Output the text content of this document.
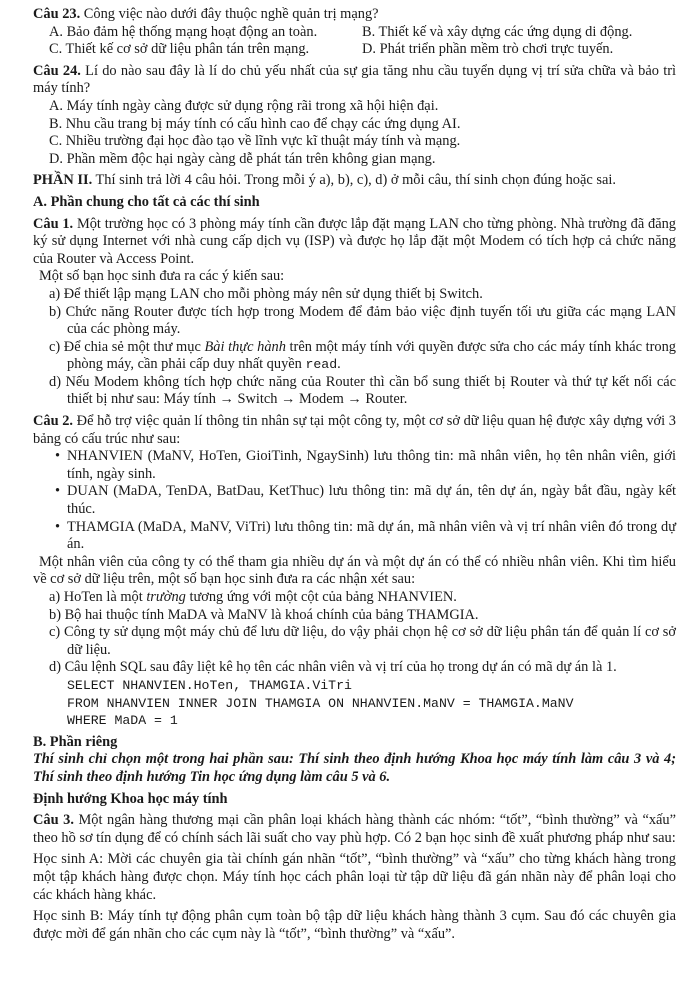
Câu 23. Công việc nào dưới đây thuộc nghề quản trị mạng?

A. Bảo đảm hệ thống mạng hoạt động an toàn.	B. Thiết kế và xây dựng các ứng dụng di động.
C. Thiết kế cơ sở dữ liệu phân tán trên mạng.	D. Phát triển phần mềm trò chơi trực tuyến.

Câu 24. Lí do nào sau đây là lí do chủ yếu nhất của sự gia tăng nhu cầu tuyển dụng vị trí sửa chữa và bảo trì máy tính?

A. Máy tính ngày càng được sử dụng rộng rãi trong xã hội hiện đại.

B. Nhu cầu trang bị máy tính có cấu hình cao để chạy các ứng dụng AI.

C. Nhiều trường đại học đào tạo về lĩnh vực kĩ thuật máy tính và mạng.

D. Phần mềm độc hại ngày càng dễ phát tán trên không gian mạng.

PHẦN II. Thí sinh trả lời 4 câu hỏi. Trong mỗi ý a), b), c), d) ở mỗi câu, thí sinh chọn đúng hoặc sai.

A. Phần chung cho tất cả các thí sinh

Câu 1. Một trường học có 3 phòng máy tính cần được lắp đặt mạng LAN cho từng phòng. Nhà trường đã đăng ký sử dụng Internet với nhà cung cấp dịch vụ (ISP) và được họ lắp đặt một Modem có tích hợp cả chức năng của Router và Access Point.

Một số bạn học sinh đưa ra các ý kiến sau:

a) Để thiết lập mạng LAN cho mỗi phòng máy nên sử dụng thiết bị Switch.

b) Chức năng Router được tích hợp trong Modem để đảm bảo việc định tuyến tối ưu giữa các mạng LAN của các phòng máy.

c) Để chia sẻ một thư mục Bài thực hành trên một máy tính với quyền được sửa cho các máy tính khác trong phòng máy, cần phải cấp duy nhất quyền read.

d) Nếu Modem không tích hợp chức năng của Router thì cần bổ sung thiết bị Router và thứ tự kết nối các thiết bị như sau: Máy tính → Switch → Modem → Router.

Câu 2. Để hỗ trợ việc quản lí thông tin nhân sự tại một công ty, một cơ sở dữ liệu quan hệ được xây dựng với 3 bảng có cấu trúc như sau:

• NHANVIEN (MaNV, HoTen, GioiTinh, NgaySinh) lưu thông tin: mã nhân viên, họ tên nhân viên, giới tính, ngày sinh.

• DUAN (MaDA, TenDA, BatDau, KetThuc) lưu thông tin: mã dự án, tên dự án, ngày bắt đầu, ngày kết thúc.

• THAMGIA (MaDA, MaNV, ViTri) lưu thông tin: mã dự án, mã nhân viên và vị trí nhân viên đó trong dự án.

Một nhân viên của công ty có thể tham gia nhiều dự án và một dự án có thể có nhiều nhân viên. Khi tìm hiểu về cơ sở dữ liệu trên, một số bạn học sinh đưa ra các nhận xét sau:

a) HoTen là một trường tương ứng với một cột của bảng NHANVIEN.

b) Bộ hai thuộc tính MaDA và MaNV là khoá chính của bảng THAMGIA.

c) Công ty sử dụng một máy chủ để lưu dữ liệu, do vậy phải chọn hệ cơ sở dữ liệu phân tán để quản lí cơ sở dữ liệu.

d) Câu lệnh SQL sau đây liệt kê họ tên các nhân viên và vị trí của họ trong dự án có mã dự án là 1.

SELECT NHANVIEN.HoTen, THAMGIA.ViTri
FROM NHANVIEN INNER JOIN THAMGIA ON NHANVIEN.MaNV = THAMGIA.MaNV
WHERE MaDA = 1

B. Phần riêng

Thí sinh chỉ chọn một trong hai phần sau: Thí sinh theo định hướng Khoa học máy tính làm câu 3 và 4; Thí sinh theo định hướng Tin học ứng dụng làm câu 5 và 6.

Định hướng Khoa học máy tính

Câu 3. Một ngân hàng thương mại cần phân loại khách hàng thành các nhóm: “tốt”, “bình thường” và “xấu” theo hồ sơ tín dụng để có chính sách lãi suất cho vay phù hợp. Có 2 bạn học sinh đề xuất phương pháp như sau:

Học sinh A: Mời các chuyên gia tài chính gán nhãn “tốt”, “bình thường” và “xấu” cho từng khách hàng trong một tập khách hàng được chọn. Máy tính học cách phân loại từ tập dữ liệu đã gán nhãn này để phân loại cho các khách hàng khác.

Học sinh B: Máy tính tự động phân cụm toàn bộ tập dữ liệu khách hàng thành 3 cụm. Sau đó các chuyên gia được mời để gán nhãn cho các cụm này là “tốt”, “bình thường” và “xấu”.
